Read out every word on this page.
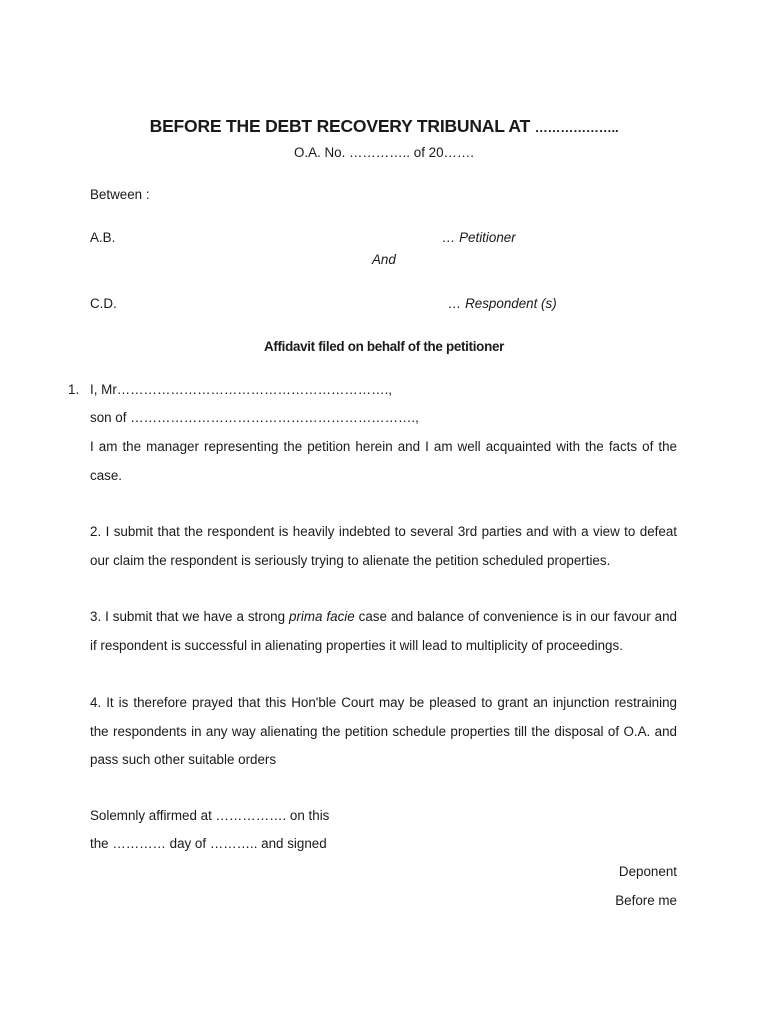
BEFORE THE DEBT RECOVERY TRIBUNAL AT ………………..
O.A. No. ………….. of 20…….
Between :
A.B.	… Petitioner
And
C.D.	… Respondent (s)
Affidavit filed on behalf of the petitioner
1. I, Mr…………………………………………………….,
son of ……………………………………………………….,
I am the manager representing the petition herein and I am well acquainted with the facts of the case.
2. I submit that the respondent is heavily indebted to several 3rd parties and with a view to defeat our claim the respondent is seriously trying to alienate the petition scheduled properties.
3. I submit that we have a strong prima facie case and balance of convenience is in our favour and if respondent is successful in alienating properties it will lead to multiplicity of proceedings.
4. It is therefore prayed that this Hon'ble Court may be pleased to grant an injunction restraining the respondents in any way alienating the petition schedule properties till the disposal of O.A. and pass such other suitable orders
Solemnly affirmed at ……………. on this
the ………… day of ……….. and signed
Deponent
Before me
